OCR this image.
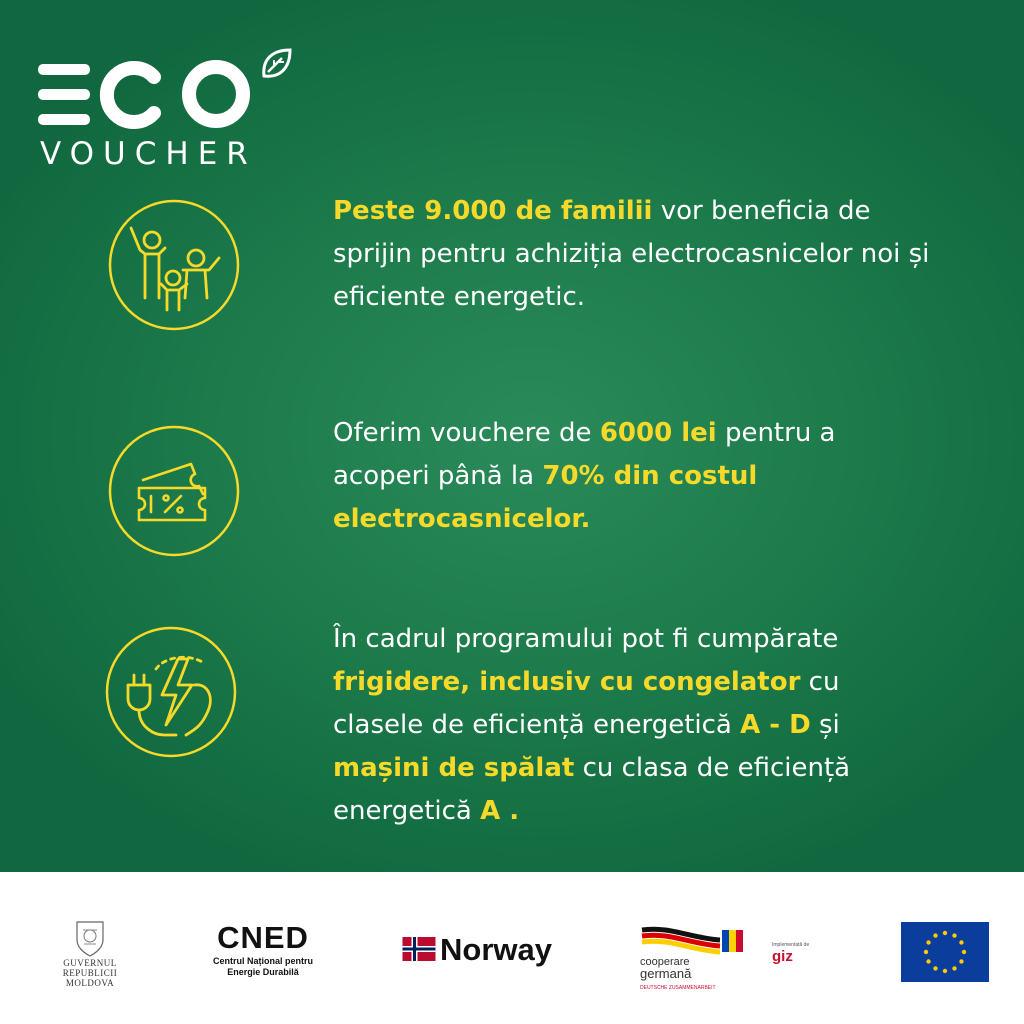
ECO
VOUCHER
Peste 9.000 de familii vor beneficia de sprijin pentru achiziția electrocasnicelor noi și eficiente energetic.
Oferim vouchere de 6000 lei pentru a acoperi până la 70% din costul electrocasnicelor.
În cadrul programului pot fi cumpărate frigidere, inclusiv cu congelator cu clasele de eficiență energetică A - D și mașini de spălat cu clasa de eficiență energetică A .
GUVERNUL
REPUBLICII MOLDOVA
CNED
Centrul Național pentru
Energie Durabilă
Norway	cooperare
germană
DEUTSCHE ZUSAMMENARBEIT
Implementată de
giz
